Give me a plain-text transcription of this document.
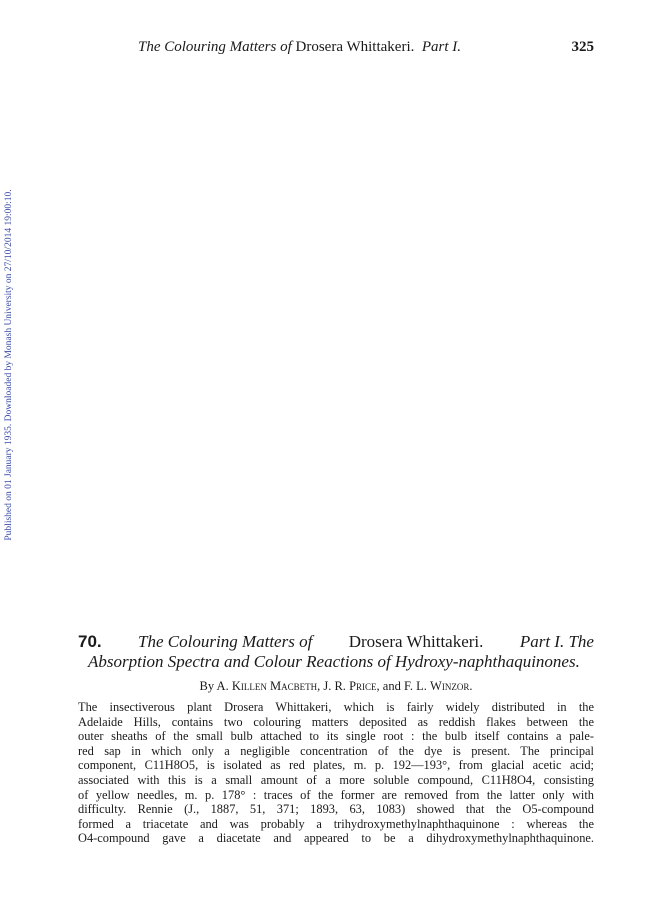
The Colouring Matters of Drosera Whittakeri. Part I.	325
Published on 01 January 1935. Downloaded by Monash University on 27/10/2014 19:00:10.
70. The Colouring Matters of Drosera Whittakeri. Part I. The
Absorption Spectra and Colour Reactions of Hydroxy-naphthaquinones.
By A. Killen Macbeth, J. R. Price, and F. L. Winzor.

The insectiverous plant Drosera Whittakeri, which is fairly widely distributed in the
Adelaide Hills, contains two colouring matters deposited as reddish flakes between the
outer sheaths of the small bulb attached to its single root : the bulb itself contains a pale-
red sap in which only a negligible concentration of the dye is present. The principal
component, C11H8O5, is isolated as red plates, m. p. 192—193°, from glacial acetic acid;
associated with this is a small amount of a more soluble compound, C11H8O4, consisting
of yellow needles, m. p. 178° : traces of the former are removed from the latter only with
difficulty. Rennie (J., 1887, 51, 371; 1893, 63, 1083) showed that the O5-compound
formed a triacetate and was probably a trihydroxymethylnaphthaquinone : whereas the
O4-compound gave a diacetate and appeared to be a dihydroxymethylnaphthaquinone.
